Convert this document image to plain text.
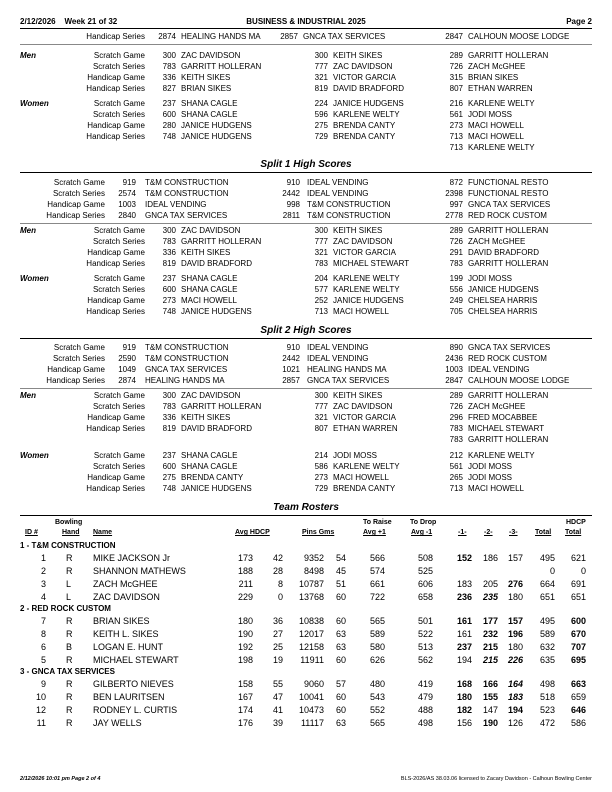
2/12/2026 Week 21 of 32	BUSINESS & INDUSTRIAL 2025	Page 2
Handicap Series 2874 HEALING HANDS MA 2857 GNCA TAX SERVICES	2847 CALHOUN MOOSE LODGE
Men	Scratch Game 300 ZAC DAVIDSON	300 KEITH SIKES	289 GARRITT HOLLERAN
Scratch Series 783 GARRITT HOLLERAN	777 ZAC DAVIDSON	726 ZACH McGHEE
Handicap Game 336 KEITH SIKES	321 VICTOR GARCIA	315 BRIAN SIKES
Handicap Series 827 BRIAN SIKES	819 DAVID BRADFORD	807 ETHAN WARREN
Women	Scratch Game 237 SHANA CAGLE	224 JANICE HUDGENS	216 KARLENE WELTY
Scratch Series 600 SHANA CAGLE	596 KARLENE WELTY	561 JODI MOSS
Handicap Game 280 JANICE HUDGENS	275 BRENDA CANTY	273 MACI HOWELL
Handicap Series 748 JANICE HUDGENS	729 BRENDA CANTY	713 MACI HOWELL
713 KARLENE WELTY
Split 1 High Scores
Scratch Game 919 T&M CONSTRUCTION	910 IDEAL VENDING	872 FUNCTIONAL RESTO
Scratch Series 2574 T&M CONSTRUCTION	2442 IDEAL VENDING	2398 FUNCTIONAL RESTO
Handicap Game 1003 IDEAL VENDING	998 T&M CONSTRUCTION	997 GNCA TAX SERVICES
Handicap Series 2840 GNCA TAX SERVICES	2811 T&M CONSTRUCTION	2778 RED ROCK CUSTOM
Men	Scratch Game 300 ZAC DAVIDSON	300 KEITH SIKES	289 GARRITT HOLLERAN
Scratch Series 783 GARRITT HOLLERAN	777 ZAC DAVIDSON	726 ZACH McGHEE
Handicap Game 336 KEITH SIKES	321 VICTOR GARCIA	291 DAVID BRADFORD
Handicap Series 819 DAVID BRADFORD	783 MICHAEL STEWART	783 GARRITT HOLLERAN
Women	Scratch Game 237 SHANA CAGLE	204 KARLENE WELTY	199 JODI MOSS
Scratch Series 600 SHANA CAGLE	577 KARLENE WELTY	556 JANICE HUDGENS
Handicap Game 273 MACI HOWELL	252 JANICE HUDGENS	249 CHELSEA HARRIS
Handicap Series 748 JANICE HUDGENS	713 MACI HOWELL	705 CHELSEA HARRIS
Split 2 High Scores
Scratch Game 919 T&M CONSTRUCTION	910 IDEAL VENDING	890 GNCA TAX SERVICES
Scratch Series 2590 T&M CONSTRUCTION	2442 IDEAL VENDING	2436 RED ROCK CUSTOM
Handicap Game 1049 GNCA TAX SERVICES	1021 HEALING HANDS MA	1003 IDEAL VENDING
Handicap Series 2874 HEALING HANDS MA	2857 GNCA TAX SERVICES	2847 CALHOUN MOOSE LODGE
Men	Scratch Game 300 ZAC DAVIDSON	300 KEITH SIKES	289 GARRITT HOLLERAN
Scratch Series 783 GARRITT HOLLERAN	777 ZAC DAVIDSON	726 ZACH McGHEE
Handicap Game 336 KEITH SIKES	321 VICTOR GARCIA	296 FRED MOCABBEE
Handicap Series 819 DAVID BRADFORD	807 ETHAN WARREN	783 MICHAEL STEWART
783 GARRITT HOLLERAN
Women	Scratch Game 237 SHANA CAGLE	214 JODI MOSS	212 KARLENE WELTY
Scratch Series 600 SHANA CAGLE	586 KARLENE WELTY	561 JODI MOSS
Handicap Game 275 BRENDA CANTY	273 MACI HOWELL	265 JODI MOSS
Handicap Series 748 JANICE HUDGENS	729 BRENDA CANTY	713 MACI HOWELL
Team Rosters
Bowling
ID #	Hand Name	Avg HDCP	Pins Gms
To Raise
Avg +1
To Drop
Avg -1	-1- -2- -3- Total
HDCP
Total
1 - T&M CONSTRUCTION
1 R MIKE JACKSON Jr	173 42 9352 54	566	508	152 186 157 495 621
2 R SHANNON MATHEWS	188 28 8498 45	574	525	0	0
3 L ZACH McGHEE	211	8 10787 51	661	606	183 205 276 664 691
4 L ZAC DAVIDSON	229	0 13768 60	722	658	236 235 180 651 651
2 - RED ROCK CUSTOM
7 R BRIAN SIKES	180 36 10838 60	565	501	161 177 157 495 600
8 R KEITH L. SIKES	190 27 12017 63	589	522	161 232 196 589 670
6 B LOGAN E. HUNT	192 25 12158 63	580	513	237 215 180 632 707
5 R MICHAEL STEWART	198 19 11911 60	626	562	194 215 226 635 695
3 - GNCA TAX SERVICES
9 R GILBERTO NIEVES	158 55 9060 57	480	419	168 166 164 498 663
10 R BEN LAURITSEN	167 47 10041 60	543	479	180 155 183 518 659
12 R RODNEY L. CURTIS	174 41 10473 60	552	488	182 147 194 523 646
11 R JAY WELLS	176 39 11117 63	565	498	156 190 126 472 586
2/12/2026 10:01 pm Page 2 of 4	BLS-2026/AS 38.03.06 licensed to Zacary Davidson - Calhoun Bowling Center
